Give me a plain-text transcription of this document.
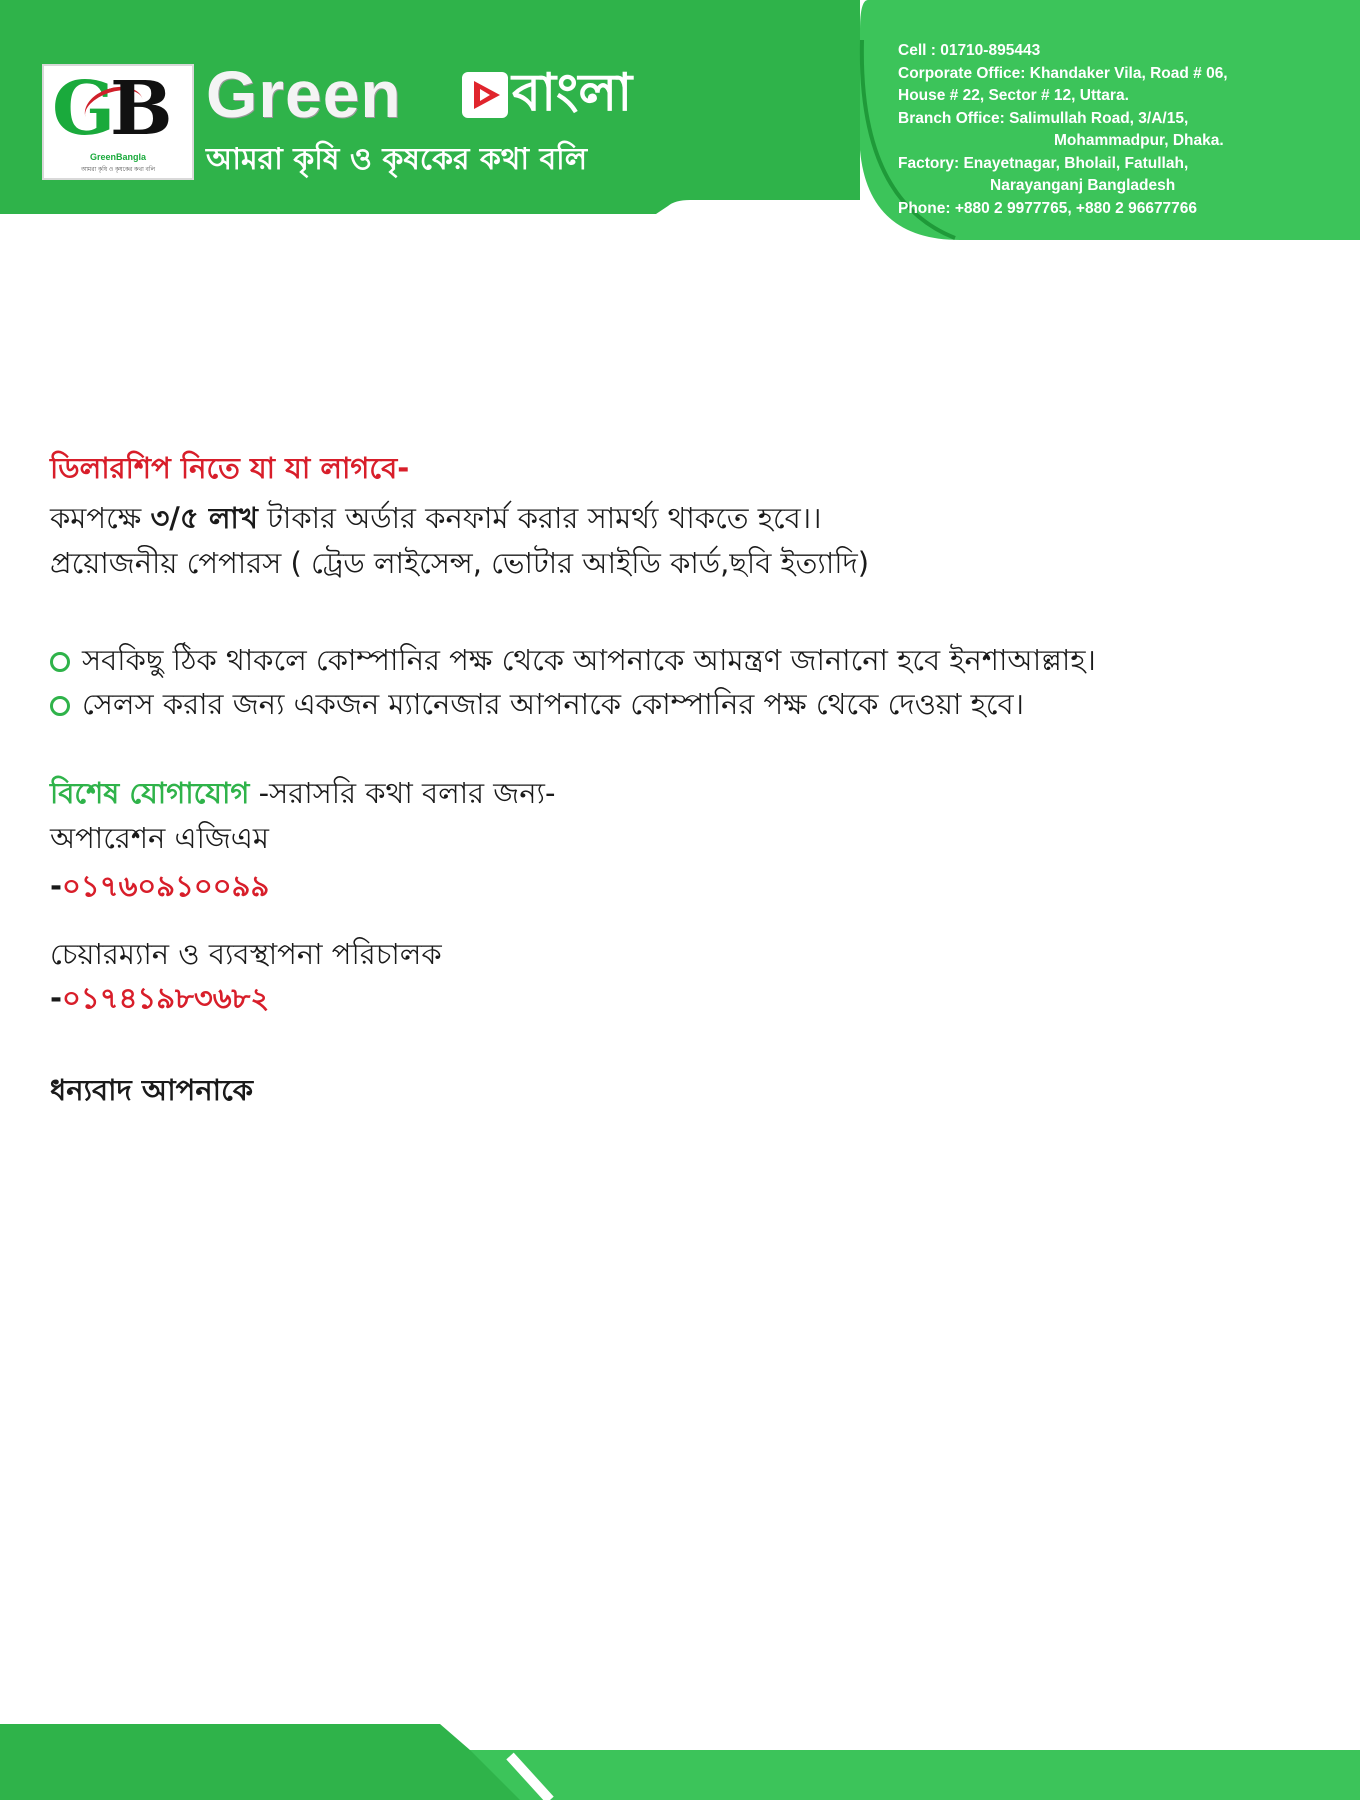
G
B
GreenBangla
আমরা কৃষি ও কৃষকের কথা বলি
Green বাংলা
আমরা কৃষি ও কৃষকের কথা বলি
Cell : 01710-895443
Corporate Office: Khandaker Vila, Road # 06,
House # 22, Sector # 12, Uttara.
Branch Office: Salimullah Road, 3/A/15,
Mohammadpur, Dhaka.
Factory: Enayetnagar, Bholail, Fatullah,
Narayanganj Bangladesh
Phone: +880 2 9977765, +880 2 96677766
ডিলারশিপ নিতে যা যা লাগবে-
কমপক্ষে ৩/৫ লাখ টাকার অর্ডার কনফার্ম করার সামর্থ্য থাকতে হবে।।
প্রয়োজনীয় পেপারস ( ট্রেড লাইসেন্স, ভোটার আইডি কার্ড,ছবি ইত্যাদি)
সবকিছু ঠিক থাকলে কোম্পানির পক্ষ থেকে আপনাকে আমন্ত্রণ জানানো হবে ইনশাআল্লাহ।
সেলস করার জন্য একজন ম্যানেজার আপনাকে কোম্পানির পক্ষ থেকে দেওয়া হবে।
বিশেষ যোগাযোগ -সরাসরি কথা বলার জন্য-
অপারেশন এজিএম
-০১৭৬০৯১০০৯৯
চেয়ারম্যান ও ব্যবস্থাপনা পরিচালক
-০১৭৪১৯৮৩৬৮২
ধন্যবাদ আপনাকে
